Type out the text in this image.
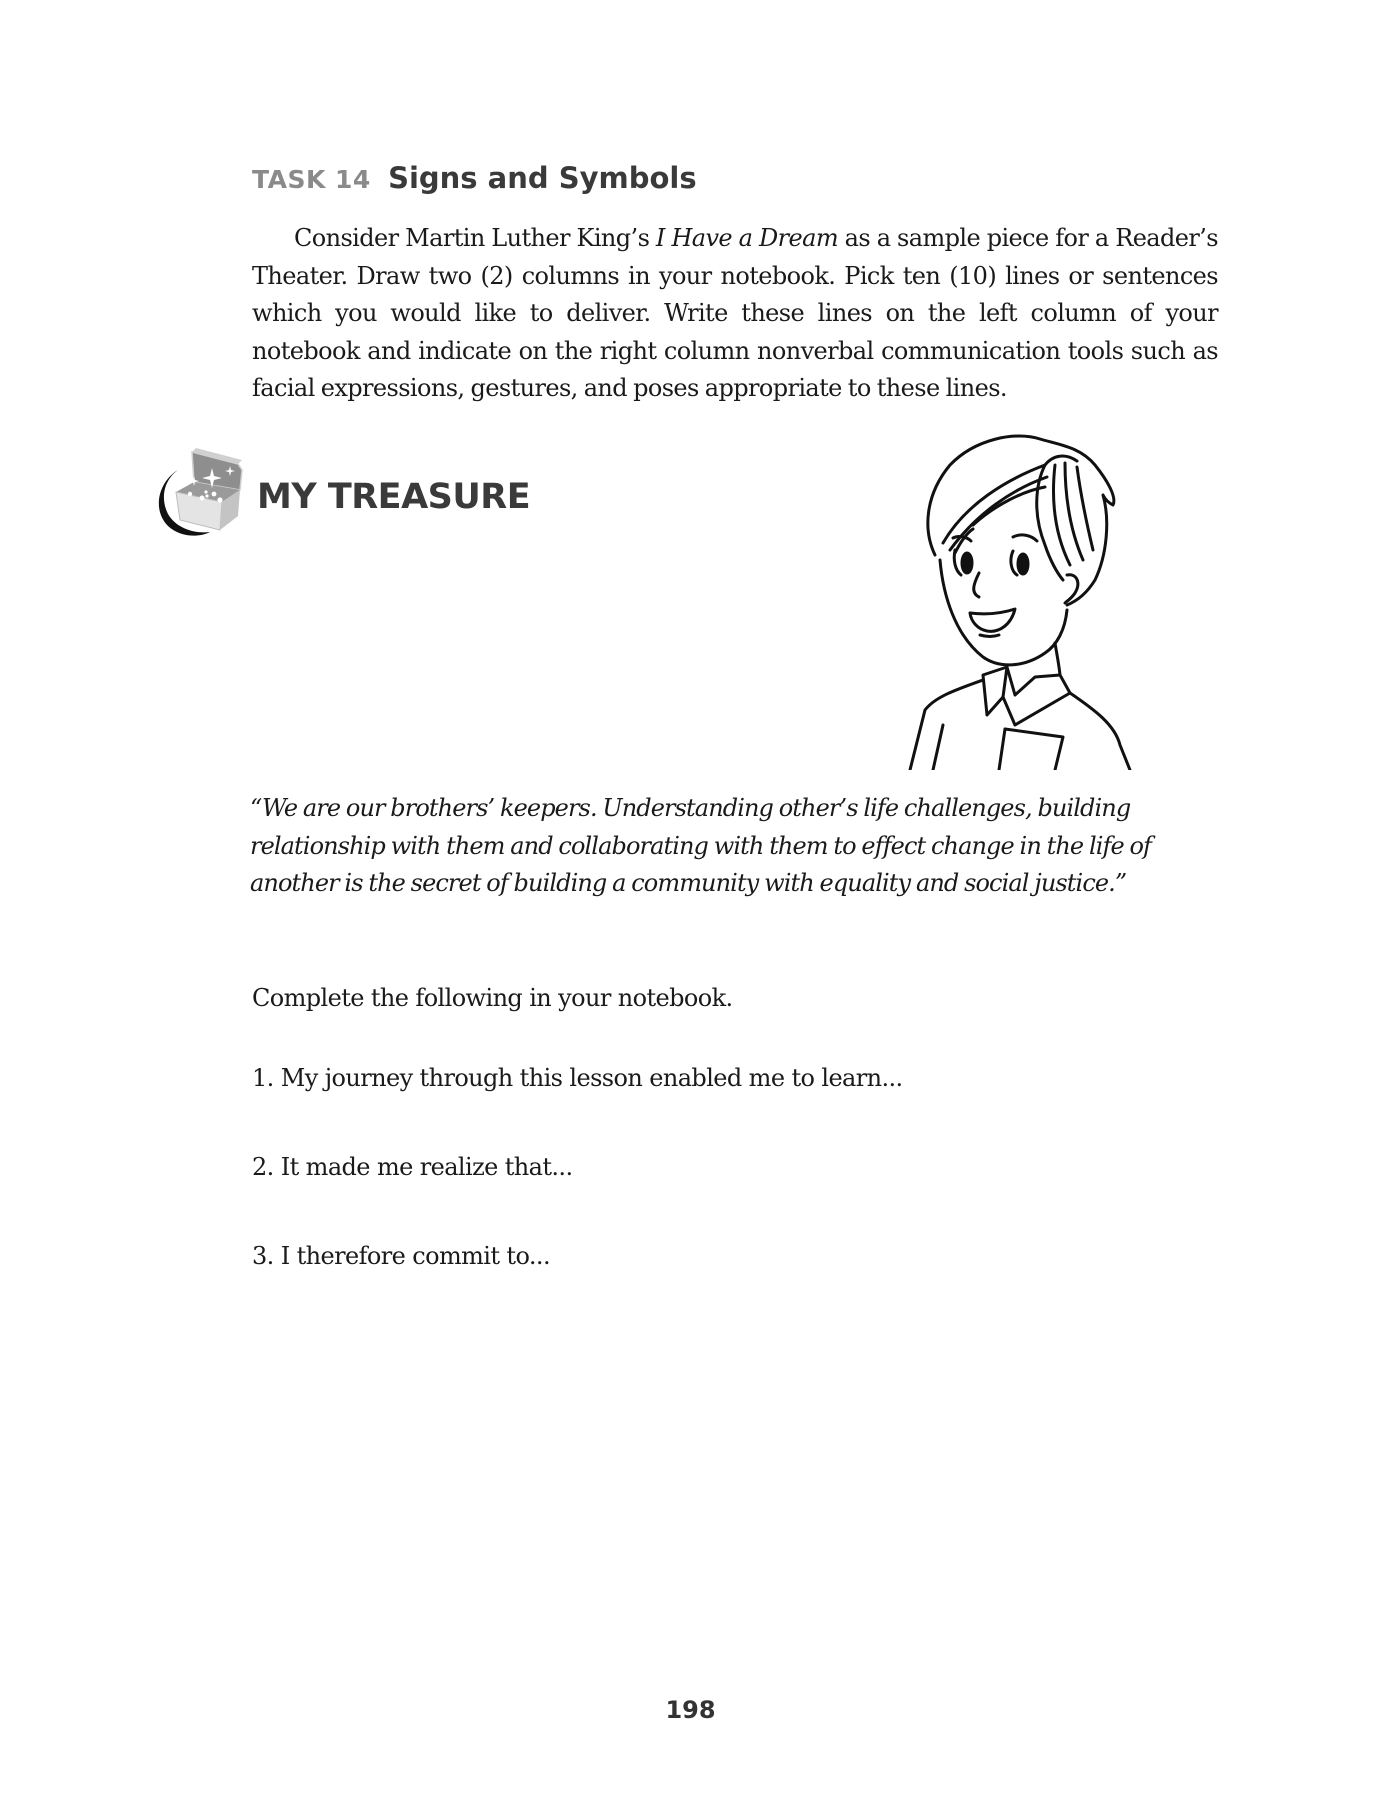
TASK 14 Signs and Symbols

Consider Martin Luther King’s I Have a Dream as a sample piece for a Reader’s Theater. Draw two (2) columns in your notebook. Pick ten (10) lines or sentences which you would like to deliver. Write these lines on the left column of your notebook and indicate on the right column nonverbal communication tools such as facial expressions, gestures, and poses appropriate to these lines.

MY TREASURE

“We are our brothers’ keepers. Understanding other’s life challenges, building relationship with them and collaborating with them to effect change in the life of another is the secret of building a community with equality and social justice.”

Complete the following in your notebook.

1. My journey through this lesson enabled me to learn...

2. It made me realize that...

3. I therefore commit to...

198
